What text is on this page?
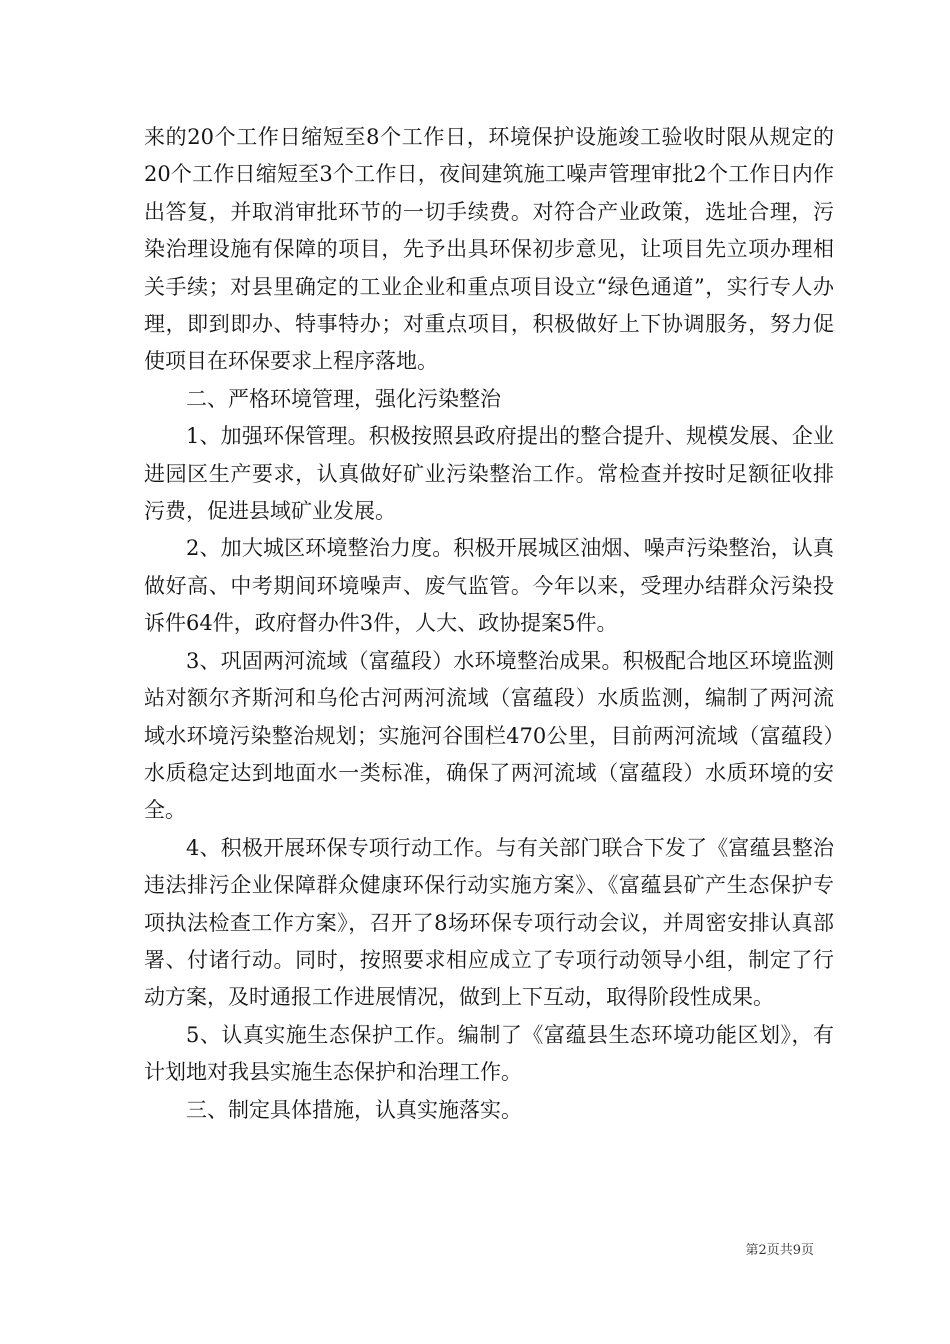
来的20个工作日缩短至8个工作日，环境保护设施竣工验收时限从规定的20个工作日缩短至3个工作日，夜间建筑施工噪声管理审批2个工作日内作出答复，并取消审批环节的一切手续费。对符合产业政策，选址合理，污染治理设施有保障的项目，先予出具环保初步意见，让项目先立项办理相关手续；对县里确定的工业企业和重点项目设立“绿色通道”，实行专人办理，即到即办、特事特办；对重点项目，积极做好上下协调服务，努力促使项目在环保要求上程序落地。

二、严格环境管理，强化污染整治

1、加强环保管理。积极按照县政府提出的整合提升、规模发展、企业进园区生产要求，认真做好矿业污染整治工作。常检查并按时足额征收排污费，促进县域矿业发展。

2、加大城区环境整治力度。积极开展城区油烟、噪声污染整治，认真做好高、中考期间环境噪声、废气监管。今年以来，受理办结群众污染投诉件64件，政府督办件3件，人大、政协提案5件。

3、巩固两河流域（富蕴段）水环境整治成果。积极配合地区环境监测站对额尔齐斯河和乌伦古河两河流域（富蕴段）水质监测，编制了两河流域水环境污染整治规划；实施河谷围栏470公里，目前两河流域（富蕴段）水质稳定达到地面水一类标准，确保了两河流域（富蕴段）水质环境的安全。

4、积极开展环保专项行动工作。与有关部门联合下发了《富蕴县整治违法排污企业保障群众健康环保行动实施方案》、《富蕴县矿产生态保护专项执法检查工作方案》，召开了8场环保专项行动会议，并周密安排认真部署、付诸行动。同时，按照要求相应成立了专项行动领导小组，制定了行动方案，及时通报工作进展情况，做到上下互动，取得阶段性成果。

5、认真实施生态保护工作。编制了《富蕴县生态环境功能区划》，有计划地对我县实施生态保护和治理工作。

三、制定具体措施，认真实施落实。

第2页共9页
